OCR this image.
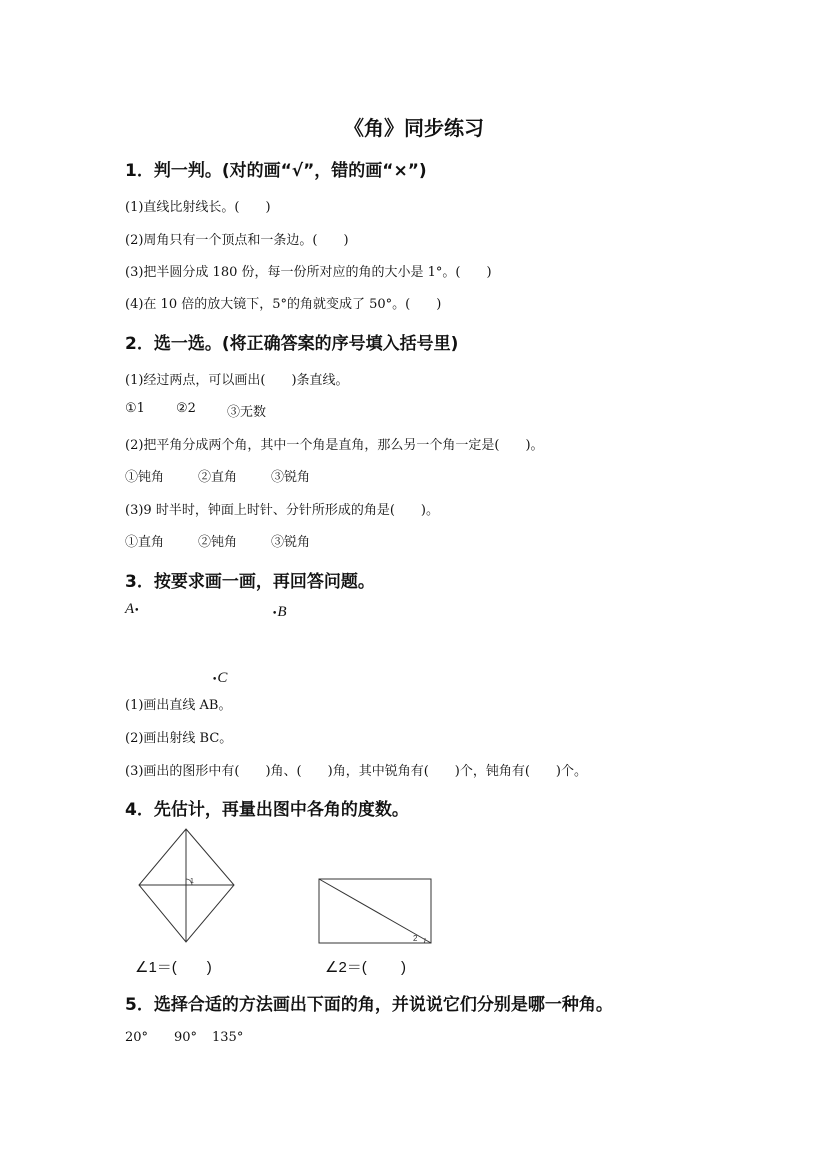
《角》同步练习
1．判一判。(对的画“√”，错的画“×”)
(1)直线比射线长。(　　)
(2)周角只有一个顶点和一条边。(　　)
(3)把半圆分成 180 份，每一份所对应的角的大小是 1°。(　　)
(4)在 10 倍的放大镜下，5°的角就变成了 50°。(　　)
2．选一选。(将正确答案的序号填入括号里)
(1)经过两点，可以画出(　　)条直线。
①1 ②2 ③无数
(2)把平角分成两个角，其中一个角是直角，那么另一个角一定是(　　)。
①钝角	②直角	③锐角
(3)9 时半时，钟面上时针、分针所形成的角是(　　)。
①直角	②钝角	③锐角
3．按要求画一画，再回答问题。
A•	•B
•C
(1)画出直线 AB。
(2)画出射线 BC。
(3)画出的图形中有(　　)角、(　　)角，其中锐角有(　　)个，钝角有(　　)个。
4．先估计，再量出图中各角的度数。
1
2
∠1＝(　　)	∠2＝(　　 )
5．选择合适的方法画出下面的角，并说说它们分别是哪一种角。
20° 90° 135°
